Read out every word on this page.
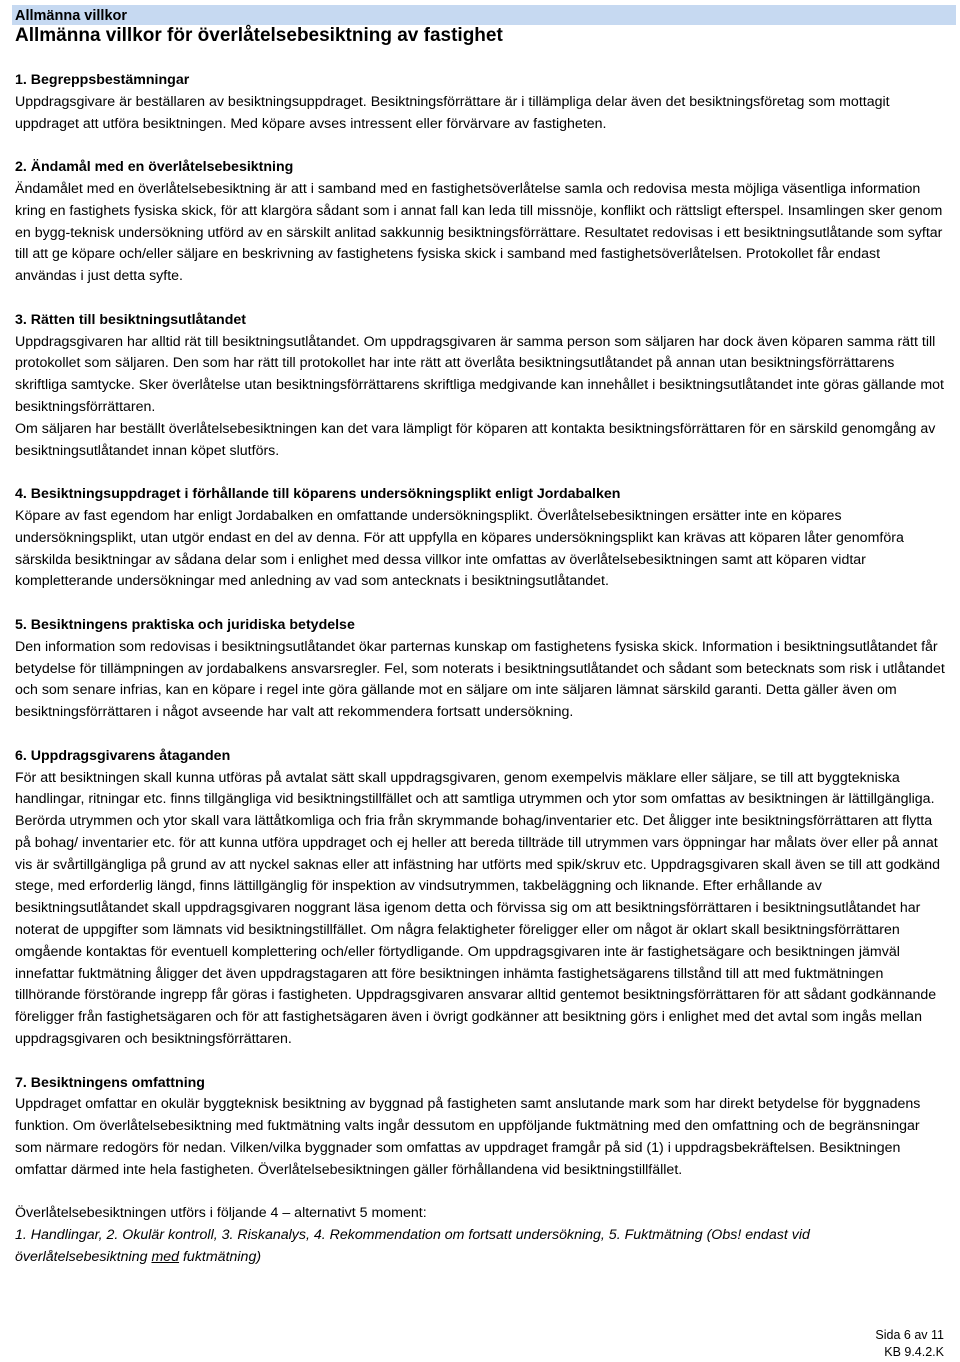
Allmänna villkor
Allmänna villkor för överlåtelsebesiktning av fastighet

1. Begreppsbestämningar

Uppdragsgivare är beställaren av besiktningsuppdraget. Besiktningsförrättare är i tillämpliga delar även det besiktningsföretag som mottagit uppdraget att utföra besiktningen. Med köpare avses intressent eller förvärvare av fastigheten.

2. Ändamål med en överlåtelsebesiktning

Ändamålet med en överlåtelsebesiktning är att i samband med en fastighetsöverlåtelse samla och redovisa mesta möjliga väsentliga information kring en fastighets fysiska skick, för att klargöra sådant som i annat fall kan leda till missnöje, konflikt och rättsligt efterspel. Insamlingen sker genom en bygg-teknisk undersökning utförd av en särskilt anlitad sakkunnig besiktningsförrättare. Resultatet redovisas i ett besiktningsutlåtande som syftar till att ge köpare och/eller säljare en beskrivning av fastighetens fysiska skick i samband med fastighetsöverlåtelsen. Protokollet får endast användas i just detta syfte.

3. Rätten till besiktningsutlåtandet

Uppdragsgivaren har alltid rät till besiktningsutlåtandet. Om uppdragsgivaren är samma person som säljaren har dock även köparen samma rätt till protokollet som säljaren. Den som har rätt till protokollet har inte rätt att överlåta besiktningsutlåtandet på annan utan besiktningsförrättarens skriftliga samtycke. Sker överlåtelse utan besiktningsförrättarens skriftliga medgivande kan innehållet i besiktningsutlåtandet inte göras gällande mot besiktningsförrättaren.

Om säljaren har beställt överlåtelsebesiktningen kan det vara lämpligt för köparen att kontakta besiktningsförrättaren för en särskild genomgång av besiktningsutlåtandet innan köpet slutförs.

4. Besiktningsuppdraget i förhållande till köparens undersökningsplikt enligt Jordabalken

Köpare av fast egendom har enligt Jordabalken en omfattande undersökningsplikt. Överlåtelsebesiktningen ersätter inte en köpares undersökningsplikt, utan utgör endast en del av denna. För att uppfylla en köpares undersökningsplikt kan krävas att köparen låter genomföra särskilda besiktningar av sådana delar som i enlighet med dessa villkor inte omfattas av överlåtelsebesiktningen samt att köparen vidtar kompletterande undersökningar med anledning av vad som antecknats i besiktningsutlåtandet.

5. Besiktningens praktiska och juridiska betydelse

Den information som redovisas i besiktningsutlåtandet ökar parternas kunskap om fastighetens fysiska skick. Information i besiktningsutlåtandet får betydelse för tillämpningen av jordabalkens ansvarsregler. Fel, som noterats i besiktningsutlåtandet och sådant som betecknats som risk i utlåtandet och som senare infrias, kan en köpare i regel inte göra gällande mot en säljare om inte säljaren lämnat särskild garanti. Detta gäller även om besiktningsförrättaren i något avseende har valt att rekommendera fortsatt undersökning.

6. Uppdragsgivarens åtaganden

För att besiktningen skall kunna utföras på avtalat sätt skall uppdragsgivaren, genom exempelvis mäklare eller säljare, se till att byggtekniska handlingar, ritningar etc. finns tillgängliga vid besiktningstillfället och att samtliga utrymmen och ytor som omfattas av besiktningen är lättillgängliga. Berörda utrymmen och ytor skall vara lättåtkomliga och fria från skrymmande bohag/inventarier etc. Det åligger inte besiktningsförrättaren att flytta på bohag/ inventarier etc. för att kunna utföra uppdraget och ej heller att bereda tillträde till utrymmen vars öppningar har målats över eller på annat vis är svårtillgängliga på grund av att nyckel saknas eller att infästning har utförts med spik/skruv etc. Uppdragsgivaren skall även se till att godkänd stege, med erforderlig längd, finns lättillgänglig för inspektion av vindsutrymmen, takbeläggning och liknande. Efter erhållande av besiktningsutlåtandet skall uppdragsgivaren noggrant läsa igenom detta och förvissa sig om att besiktningsförrättaren i besiktningsutlåtandet har noterat de uppgifter som lämnats vid besiktningstillfället. Om några felaktigheter föreligger eller om något är oklart skall besiktningsförrättaren omgående kontaktas för eventuell komplettering och/eller förtydligande. Om uppdragsgivaren inte är fastighetsägare och besiktningen jämväl innefattar fuktmätning åligger det även uppdragstagaren att före besiktningen inhämta fastighetsägarens tillstånd till att med fuktmätningen tillhörande förstörande ingrepp får göras i fastigheten. Uppdragsgivaren ansvarar alltid gentemot besiktningsförrättaren för att sådant godkännande föreligger från fastighetsägaren och för att fastighetsägaren även i övrigt godkänner att besiktning görs i enlighet med det avtal som ingås mellan uppdragsgivaren och besiktningsförrättaren.

7. Besiktningens omfattning

Uppdraget omfattar en okulär byggteknisk besiktning av byggnad på fastigheten samt anslutande mark som har direkt betydelse för byggnadens funktion. Om överlåtelsebesiktning med fuktmätning valts ingår dessutom en uppföljande fuktmätning med den omfattning och de begränsningar som närmare redogörs för nedan. Vilken/vilka byggnader som omfattas av uppdraget framgår på sid (1) i uppdragsbekräftelsen. Besiktningen omfattar därmed inte hela fastigheten. Överlåtelsebesiktningen gäller förhållandena vid besiktningstillfället.

Överlåtelsebesiktningen utförs i följande 4 – alternativt 5 moment:

1. Handlingar, 2. Okulär kontroll, 3. Riskanalys, 4. Rekommendation om fortsatt undersökning, 5. Fuktmätning (Obs! endast vid överlåtelsebesiktning med fuktmätning)

Sida 6 av 11
KB 9.4.2.K
